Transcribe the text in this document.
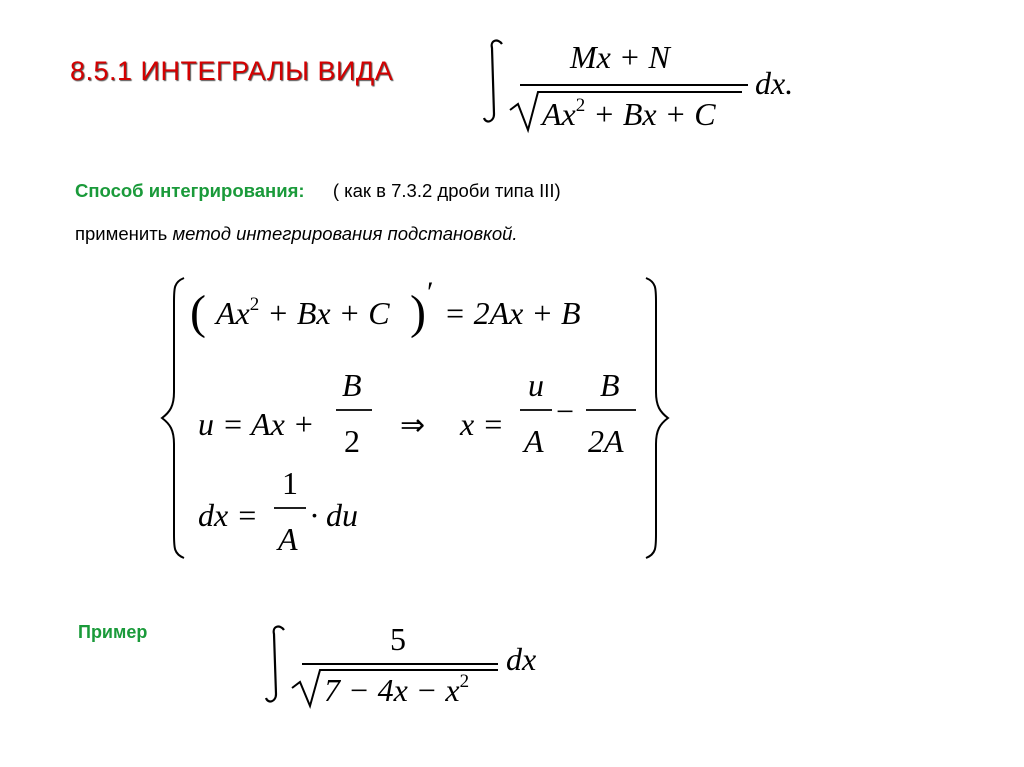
8.5.1 ИНТЕГРАЛЫ ВИДА	Mx + N
$Ax^2 + Bx + C$
dx.
Способ интегрирования: ( как в 7.3.2 дроби типа III)
применить метод интегрирования подстановкой.
( $Ax^2 + Bx + C$ ) ′
= 2Ax + B
u = Ax +
B
2 ⇒ x =
u
A
−
B
2A
dx =
1
A
· du
Пример	5
$7 - 4x - x^2$
dx
